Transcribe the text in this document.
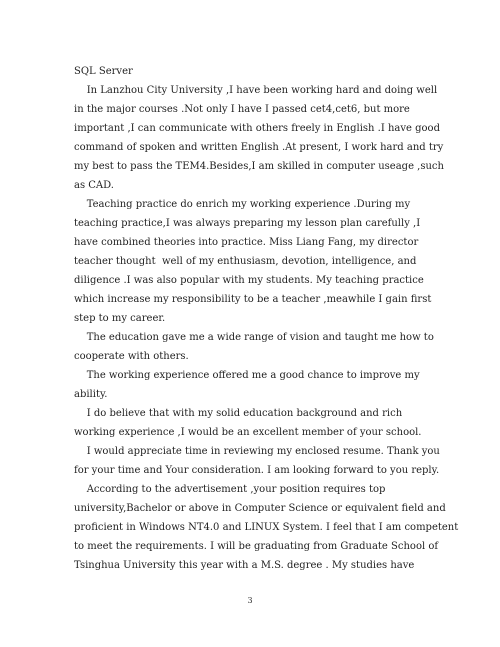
SQL Server
In Lanzhou City University ,I have been working hard and doing well
in the major courses .Not only I have I passed cet4,cet6, but more
important ,I can communicate with others freely in English .I have good
command of spoken and written English .At present, I work hard and try
my best to pass the TEM4.Besides,I am skilled in computer useage ,such
as CAD.
Teaching practice do enrich my working experience .During my
teaching practice,I was always preparing my lesson plan carefully ,I
have combined theories into practice. Miss Liang Fang, my director
teacher thought  well of my enthusiasm, devotion, intelligence, and
diligence .I was also popular with my students. My teaching practice
which increase my responsibility to be a teacher ,meawhile I gain first
step to my career.
The education gave me a wide range of vision and taught me how to
cooperate with others.
The working experience offered me a good chance to improve my
ability.
I do believe that with my solid education background and rich
working experience ,I would be an excellent member of your school.
I would appreciate time in reviewing my enclosed resume. Thank you
for your time and Your consideration. I am looking forward to you reply.
According to the advertisement ,your position requires top
university,Bachelor or above in Computer Science or equivalent field and
proficient in Windows NT4.0 and LINUX System. I feel that I am competent
to meet the requirements. I will be graduating from Graduate School of
Tsinghua University this year with a M.S. degree . My studies have
3
